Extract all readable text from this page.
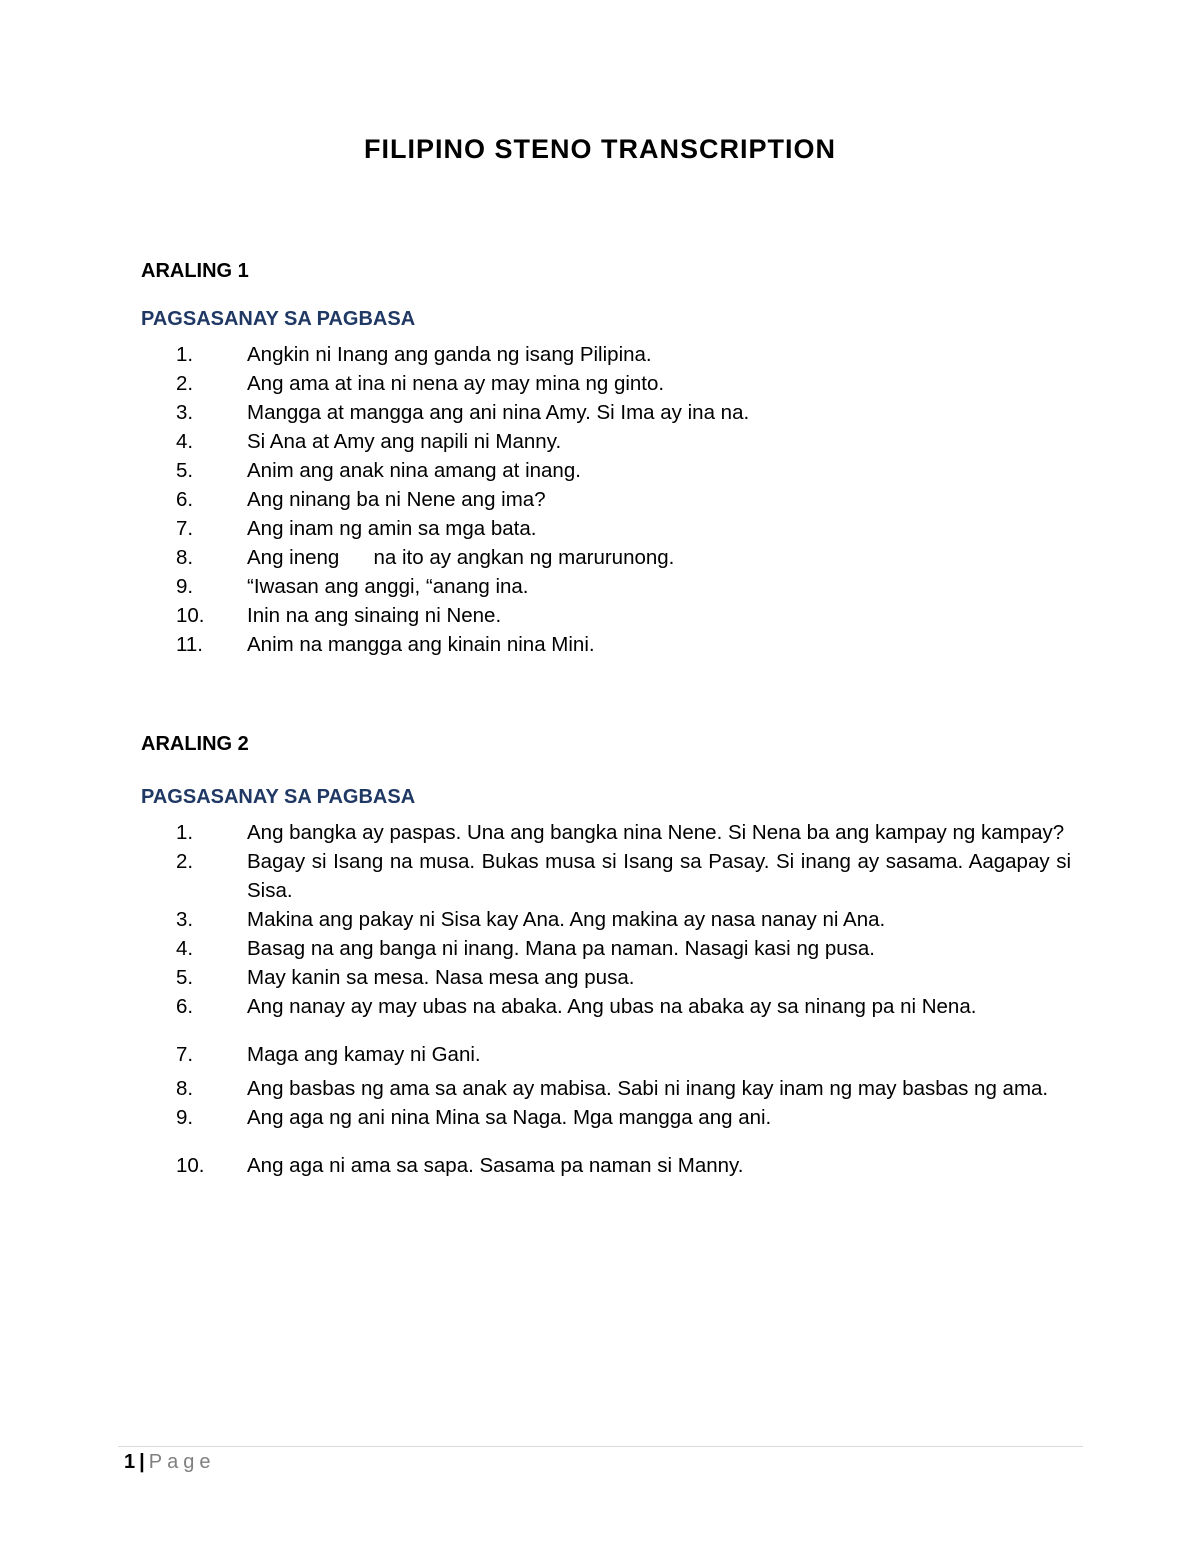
FILIPINO STENO TRANSCRIPTION
ARALING 1
PAGSASANAY SA PAGBASA
1.	Angkin ni Inang ang ganda ng isang Pilipina.
2.	Ang ama at ina ni nena ay may mina ng ginto.
3.	Mangga at mangga ang ani nina Amy. Si Ima ay ina na.
4.	Si Ana at Amy ang napili ni Manny.
5.	Anim ang anak nina amang at inang.
6.	Ang ninang ba ni Nene ang ima?
7.	Ang inam ng amin sa mga bata.
8.	Ang ineng      na ito ay angkan ng marurunong.
9.	“Iwasan ang anggi, “anang ina.
10.	Inin na ang sinaing ni Nene.
11.	Anim na mangga ang kinain nina Mini.
ARALING 2
PAGSASANAY SA PAGBASA
1.	Ang bangka ay paspas. Una ang bangka nina Nene. Si Nena ba ang kampay ng kampay?
2.	Bagay si Isang na musa. Bukas musa si Isang sa Pasay. Si inang ay sasama. Aagapay si Sisa.
3.	Makina ang pakay ni Sisa kay Ana. Ang makina ay nasa nanay ni Ana.
4.	Basag na ang banga ni inang. Mana pa naman. Nasagi kasi ng pusa.
5.	May kanin sa mesa. Nasa mesa ang pusa.
6.	Ang nanay ay may ubas na abaka. Ang ubas na abaka ay sa ninang pa ni Nena.
7.	Maga ang kamay ni Gani.
8.	Ang basbas ng ama sa anak ay mabisa. Sabi ni inang kay inam ng may basbas ng ama.
9.	Ang aga ng ani nina Mina sa Naga. Mga mangga ang ani.
10.	Ang aga ni ama sa sapa. Sasama pa naman si Manny.
1 | Page
